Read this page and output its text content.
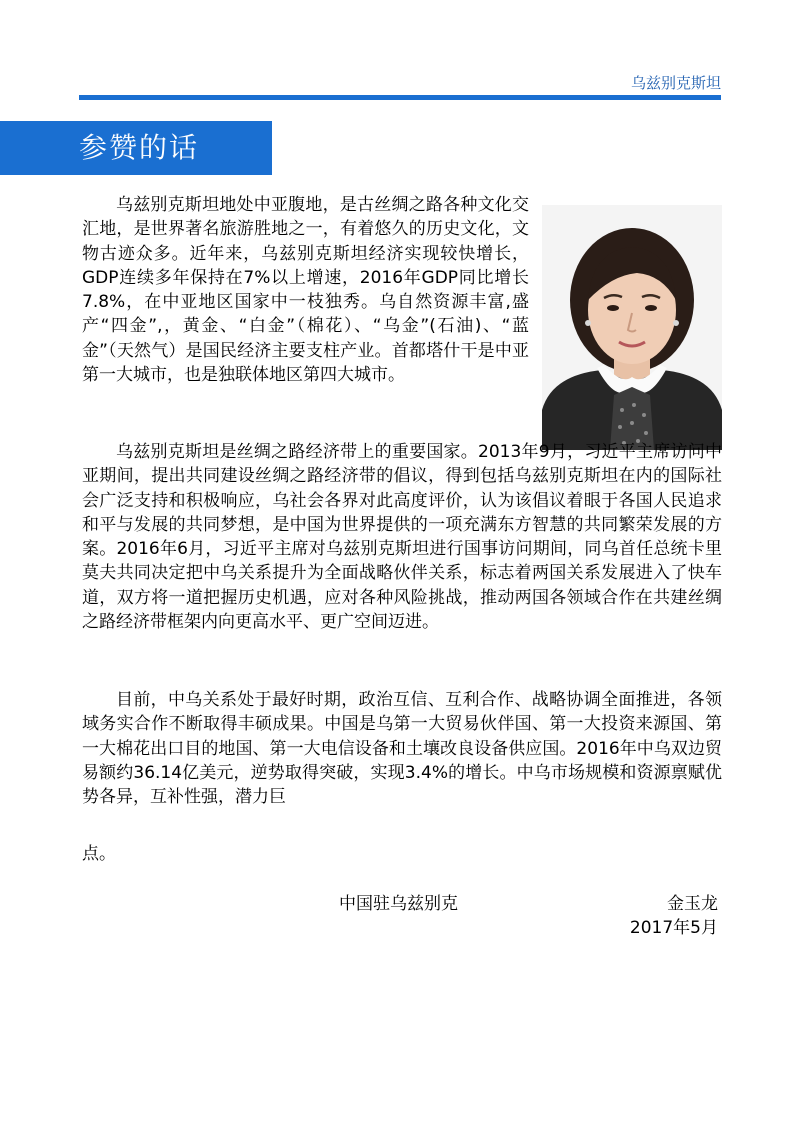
乌兹别克斯坦
参赞的话

乌兹别克斯坦地处中亚腹地，是古丝绸之路各种文化交汇地，是世界著名旅游胜地之一，有着悠久的历史文化，文物古迹众多。近年来，乌兹别克斯坦经济实现较快增长，GDP连续多年保持在7%以上增速，2016年GDP同比增长7.8%，在中亚地区国家中一枝独秀。乌自然资源丰富,盛产“四金”,，黄金、“白金”（棉花）、“乌金”(石油)、“蓝金”（天然气）是国民经济主要支柱产业。首都塔什干是中亚第一大城市，也是独联体地区第四大城市。

乌兹别克斯坦是丝绸之路经济带上的重要国家。2013年9月，习近平主席访问中亚期间，提出共同建设丝绸之路经济带的倡议，得到包括乌兹别克斯坦在内的国际社会广泛支持和积极响应，乌社会各界对此高度评价，认为该倡议着眼于各国人民追求和平与发展的共同梦想，是中国为世界提供的一项充满东方智慧的共同繁荣发展的方案。2016年6月，习近平主席对乌兹别克斯坦进行国事访问期间，同乌首任总统卡里莫夫共同决定把中乌关系提升为全面战略伙伴关系，标志着两国关系发展进入了快车道，双方将一道把握历史机遇，应对各种风险挑战，推动两国各领域合作在共建丝绸之路经济带框架内向更高水平、更广空间迈进。

目前，中乌关系处于最好时期，政治互信、互利合作、战略协调全面推进，各领域务实合作不断取得丰硕成果。中国是乌第一大贸易伙伴国、第一大投资来源国、第一大棉花出口目的地国、第一大电信设备和土壤改良设备供应国。2016年中乌双边贸易额约36.14亿美元，逆势取得突破，实现3.4%的增长。中乌市场规模和资源禀赋优势各异，互补性强，潜力巨

点。
中国驻乌兹别克	金玉龙
2017年5月
